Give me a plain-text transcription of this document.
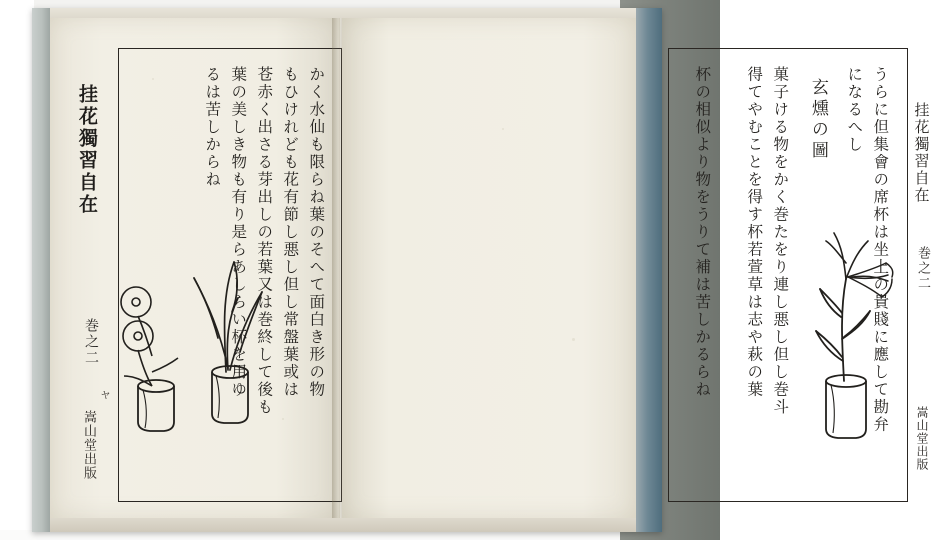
挂花獨習自在
巻之二
ヤ
嵩山堂出版
かく水仙も限らね葉のそへて面白き形の物
もひけれども花有節し悪し但し常盤葉或は
苍赤く出さる芽出しの若葉又は巻終して後も
葉の美しき物も有り是らあしらい杯を用ゆ
るは苦しからね	挂花獨習自在
巻之二
嵩山堂出版
うらに但集會の席杯は坐上の貴賤に應して勘弁
になるへし
玄燻の圖
菓子ける物をかく巻たをり連し悪し但し巻斗
得てやむことを得す杯若萱草は志や萩の葉
杯の相似より物をうりて補は苦しかるらね
